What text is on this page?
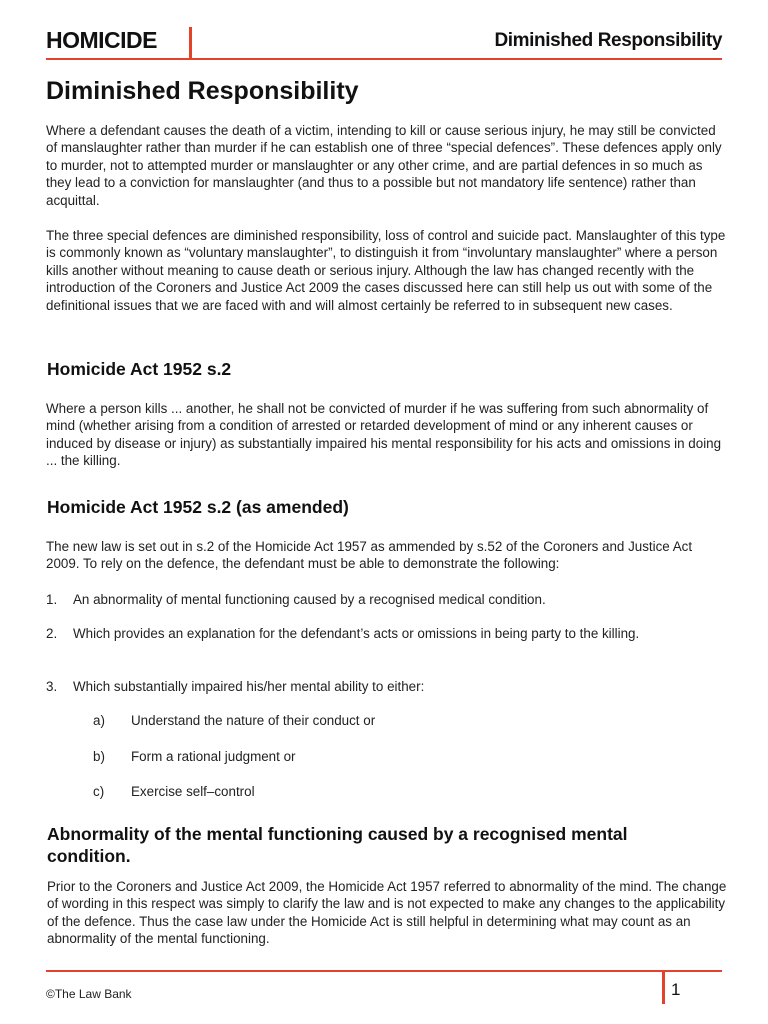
HOMICIDE	Diminished Responsibility
Diminished Responsibility

Where a defendant causes the death of a victim, intending to kill or cause serious injury, he may still be convicted of manslaughter rather than murder if he can establish one of three “special defences”. These defences apply only to murder, not to attempted murder or manslaughter or any other crime, and are partial defences in so much as they lead to a conviction for manslaughter (and thus to a possible but not mandatory life sentence) rather than acquittal.

The three special defences are diminished responsibility, loss of control and suicide pact. Manslaughter of this type is commonly known as “voluntary manslaughter”, to distinguish it from “involuntary manslaughter” where a person kills another without meaning to cause death or serious injury. Although the law has changed recently with the introduction of the Coroners and Justice Act 2009 the cases discussed here can still help us out with some of the definitional issues that we are faced with and will almost certainly be referred to in subsequent new cases.

Homicide Act 1952 s.2

Where a person kills ... another, he shall not be convicted of murder if he was suffering from such abnormality of mind (whether arising from a condition of arrested or retarded development of mind or any inherent causes or induced by disease or injury) as substantially impaired his mental responsibility for his acts and omissions in doing ... the killing.

Homicide Act 1952 s.2 (as amended)

The new law is set out in s.2 of the Homicide Act 1957 as ammended by s.52 of the Coroners and Justice Act 2009. To rely on the defence, the defendant must be able to demonstrate the following:

1. An abnormality of mental functioning caused by a recognised medical condition.
2. Which provides an explanation for the defendant’s acts or omissions in being party to the killing.
3. Which substantially impaired his/her mental ability to either:
a) Understand the nature of their conduct or
b) Form a rational judgment or
c) Exercise self–control
Abnormality of the mental functioning caused by a recognised mental condition.

Prior to the Coroners and Justice Act 2009, the Homicide Act 1957 referred to abnormality of the mind. The change of wording in this respect was simply to clarify the law and is not expected to make any changes to the applicability of the defence. Thus the case law under the Homicide Act is still helpful in determining what may count as an abnormality of the mental functioning.

©The Law Bank	1
